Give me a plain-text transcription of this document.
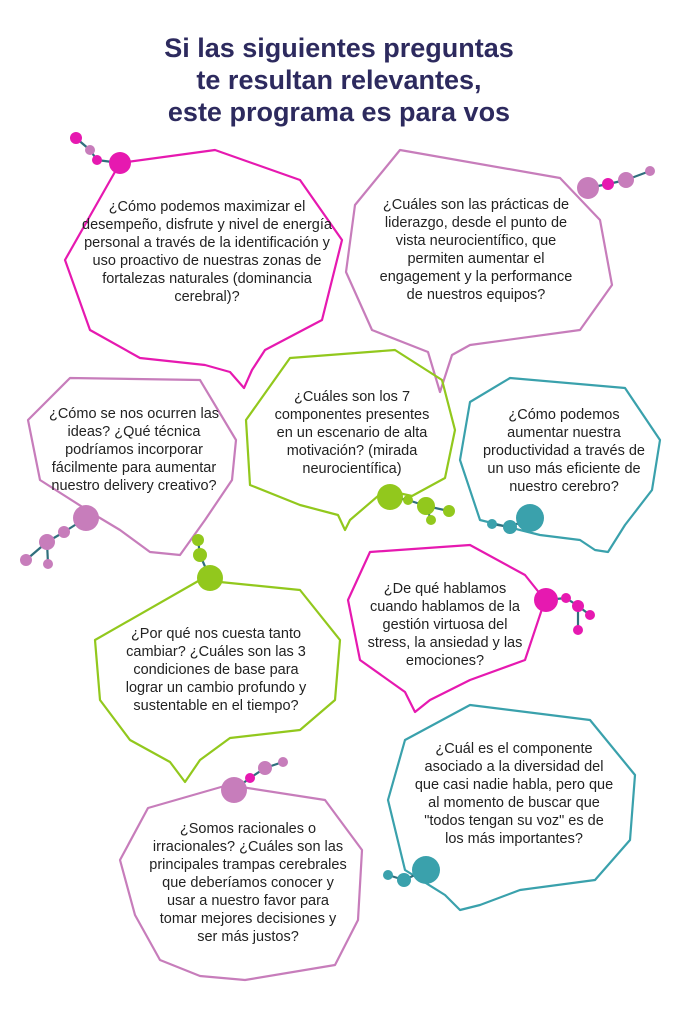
Si las siguientes preguntas
te resultan relevantes,
este programa es para vos

¿Cómo podemos maximizar el desempeño, disfrute y nivel de energía personal a través de la identificación y uso proactivo de nuestras zonas de fortalezas naturales (dominancia cerebral)?

¿Cuáles son las prácticas de liderazgo, desde el punto de vista neurocientífico, que permiten aumentar el engagement y la performance de nuestros equipos?

¿Cómo se nos ocurren las ideas? ¿Qué técnica podríamos incorporar fácilmente para aumentar nuestro delivery creativo?

¿Cuáles son los 7 componentes presentes en un escenario de alta motivación? (mirada neurocientífica)

¿Cómo podemos aumentar nuestra productividad a través de un uso más eficiente de nuestro cerebro?

¿De qué hablamos cuando hablamos de la gestión virtuosa del stress, la ansiedad y las emociones?

¿Por qué nos cuesta tanto cambiar? ¿Cuáles son las 3 condiciones de base para lograr un cambio profundo y sustentable en el tiempo?

¿Cuál es el componente asociado a la diversidad del que casi nadie habla, pero que al momento de buscar que "todos tengan su voz" es de los más importantes?

¿Somos racionales o irracionales? ¿Cuáles son las principales trampas cerebrales que deberíamos conocer y usar a nuestro favor para tomar mejores decisiones y ser más justos?
